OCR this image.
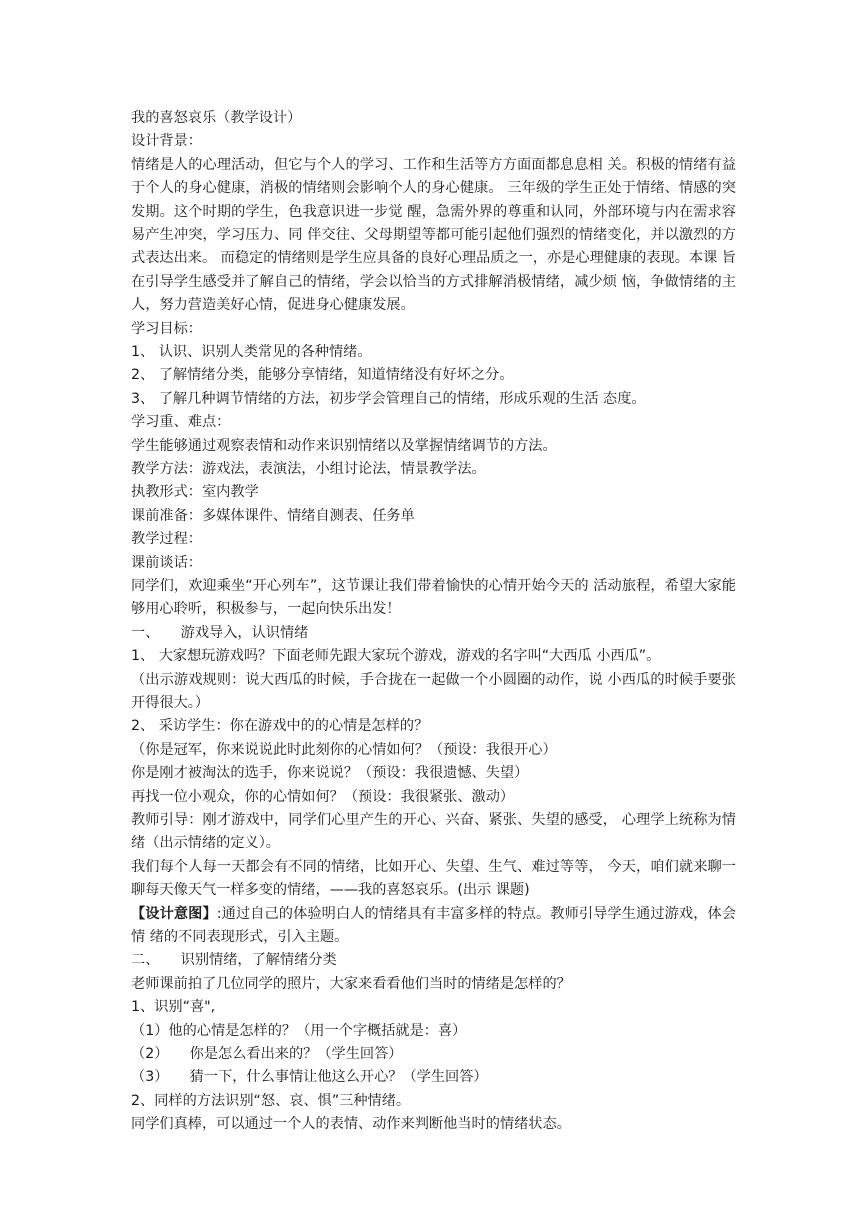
我的喜怒哀乐（教学设计）
设计背景：
情绪是人的心理活动，但它与个人的学习、工作和生活等方方面面都息息相 关。积极的情绪有益于个人的身心健康，消极的情绪则会影响个人的身心健康。 三年级的学生正处于情绪、情感的突发期。这个时期的学生，色我意识进一步觉 醒，急需外界的尊重和认同，外部环境与内在需求容易产生冲突，学习压力、同 伴交往、父母期望等都可能引起他们强烈的情绪变化，并以激烈的方式表达出来。 而稳定的情绪则是学生应具备的良好心理品质之一，亦是心理健康的表现。本课 旨在引导学生感受并了解自己的情绪，学会以恰当的方式排解消极情绪，减少烦 恼，争做情绪的主人，努力营造美好心情，促进身心健康发展。
学习目标：
1、 认识、识别人类常见的各种情绪。
2、 了解情绪分类，能够分享情绪，知道情绪没有好坏之分。
3、 了解几种调节情绪的方法，初步学会管理自己的情绪，形成乐观的生活 态度。
学习重、难点：
学生能够通过观察表情和动作来识别情绪以及掌握情绪调节的方法。
教学方法：游戏法，表演法，小组讨论法，情景教学法。
执教形式：室内教学
课前准备：多媒体课件、情绪自测表、任务单
教学过程：
课前谈话：
同学们，欢迎乘坐“开心列车”，这节课让我们带着愉快的心情开始今天的 活动旅程，希望大家能够用心聆听，积极参与，一起向快乐出发！
一、　　游戏导入，认识情绪
1、 大家想玩游戏吗？下面老师先跟大家玩个游戏，游戏的名字叫“大西瓜 小西瓜”。
（出示游戏规则：说大西瓜的时候，手合拢在一起做一个小圆圈的动作，说 小西瓜的时候手要张开得很大。）
2、 采访学生：你在游戏中的的心情是怎样的？
（你是冠军，你来说说此时此刻你的心情如何？（预设：我很开心）
你是刚才被淘汰的选手，你来说说？（预设：我很遗憾、失望）
再找一位小观众，你的心情如何？（预设：我很紧张、激动）
教师引导：刚才游戏中，同学们心里产生的开心、兴奋、紧张、失望的感受， 心理学上统称为情绪（出示情绪的定义）。
我们每个人每一天都会有不同的情绪，比如开心、失望、生气、难过等等， 今天，咱们就来聊一聊每天像天气一样多变的情绪，——我的喜怒哀乐。(出示 课题)
【设计意图】:通过自己的体验明白人的情绪具有丰富多样的特点。教师引导学生通过游戏，体会情 绪的不同表现形式，引入主题。
二、　　识别情绪，了解情绪分类
老师课前拍了几位同学的照片，大家来看看他们当时的情绪是怎样的？
1、识别“喜",
（1）他的心情是怎样的？（用一个字概括就是：喜）
（2）　　你是怎么看出来的？（学生回答）
（3）　　猜一下，什么事情让他这么开心？（学生回答）
2、同样的方法识别“怒、哀、惧”三种情绪。
同学们真棒，可以通过一个人的表情、动作来判断他当时的情绪状态。
